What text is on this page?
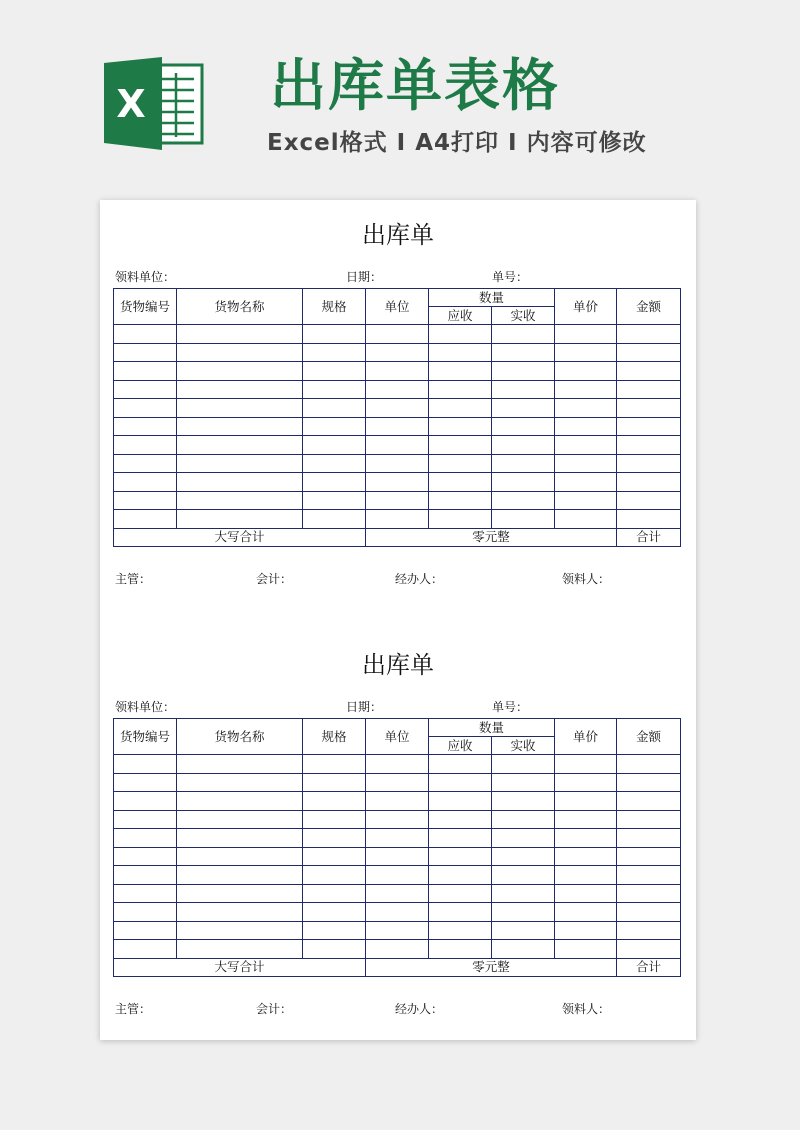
X 出库单表格
Excel格式 I A4打印 I 内容可修改
出库单
领料单位：	日期：	单号：
货物编号	货物名称	规格	单位	数量		单价	金额
				应收	实收		

大写合计			零元整				合计
主管：	会计：	经办人：	领料人：
出库单
领料单位：	日期：	单号：
货物编号	货物名称	规格	单位	数量		单价	金额
				应收	实收		

大写合计			零元整				合计
主管：	会计：	经办人：	领料人：
